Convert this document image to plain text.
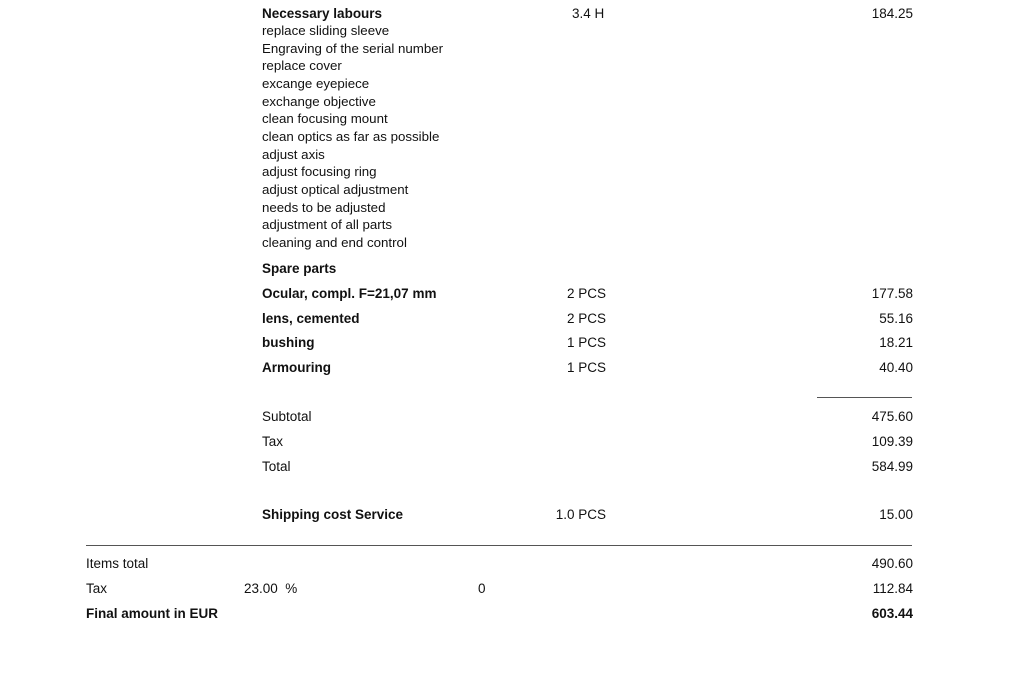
Necessary labours	3.4 H	184.25
replace sliding sleeve
Engraving of the serial number
replace cover
excange eyepiece
exchange objective
clean focusing mount
clean optics as far as possible
adjust axis
adjust focusing ring
adjust optical adjustment
needs to be adjusted
adjustment of all parts
cleaning and end control
Spare parts
Ocular, compl. F=21,07 mm	2 PCS	177.58
lens, cemented	2 PCS	55.16
bushing	1 PCS	18.21
Armouring	1 PCS	40.40
Subtotal	475.60
Tax	109.39
Total	584.99
Shipping cost Service	1.0 PCS	15.00
Items total	490.60
Tax	23.00  %	0	112.84
Final amount in EUR	603.44
